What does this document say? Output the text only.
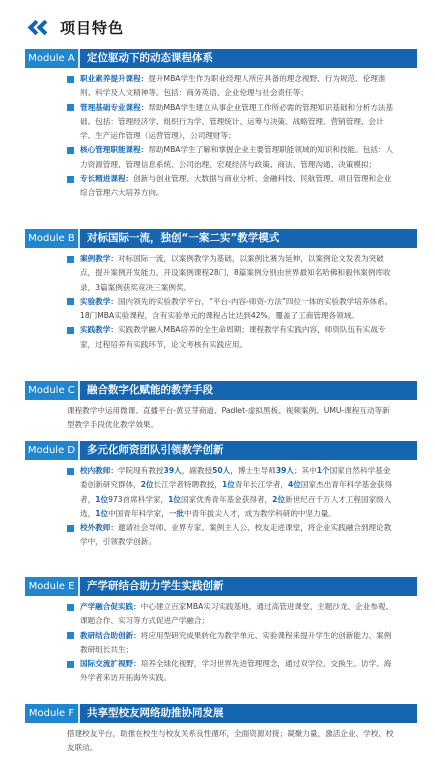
项目特色
Module A	定位驱动下的动态课程体系
职业素养提升课程：提升MBA学生作为职业经理人所应具备的理念视野、行为规范、伦理准则、科学及人文精神等。包括：商务英语、企业伦理与社会责任等；
管理基础专业课程：帮助MBA学生建立从事企业管理工作所必需的管理知识基础和分析方法基础。包括：管理经济学、组织行为学、管理统计、运筹与决策、战略管理、营销管理、会计学、生产运作管理（运营管理），公司理财等；
核心管理职能课程：帮助MBA学生了解和掌握企业主要管理职能领域的知识和技能。包括：人力资源管理、管理信息系统、公司治理、宏观经济与政策、商法、管理沟通、决策模拟；
专长精进课程：创新与创业管理、大数据与商业分析、金融科技、民航管理、项目管理和企业综合管理六大培养方向。
Module B	对标国际一流，独创“一案二实”教学模式
案例教学：对标国际一流，以案例教学为基础，以案例比赛为延伸，以案例论文发表为突破点，提升案例开发能力，开设案例课程28门，8篇案例分别由世界最知名哈佛和毅伟案例库收录，3篇案例获奖竞决三案例奖。
实验教学：国内领先的实验教学平台，“平台-内容-师资-方法”四位一体的实验教学培养体系。18门MBA实验课程，含有实验单元的课程占比达到42%，覆盖了工商管理各领域。
实践教学：实践教学融入MBA培养的全生命周期；课程教学有实践内容，师资队伍有实战专家，过程培养有实践环节，论文考核有实践应用。
Module C	融合数字化赋能的教学手段
课程教学中运用微课、直播平台-黄豆芽商道、Padlet-虚拟黑板、视频案例、UMU-课程互动等新型教学手段优化教学效果。
Module D	多元化师资团队引领教学创新
校内教师：学院现有教授39人，副教授50人，博士生导师39人；其中1个国家自然科学基金委创新研究群体，2位长江学者特聘教授，1位青年长江学者，4位国家杰出青年科学基金获得者，1位973首席科学家，1位国家优秀青年基金获得者，2位新世纪百千万人才工程国家级人选，1位中国青年科学家，一批中青年拔尖人才，成为教学科研的中坚力量。
校外教师：邀请社会导师、业界专家、案例主人公、校友走进课堂，将企业实践融合到理论教学中，引领教学创新。
Module E	产学研结合助力学生实践创新
产学融合促实践：中心建立百家MBA实习实践基地，通过高管进课堂、主题沙龙、企业参观、课题合作、实习等方式促进产学融合；
教研结合助创新：将应用型研究成果转化为教学单元、实验课程来提升学生的创新能力、案例教研组长共生；
国际交流扩视野：培养全球化视野，学习世界先进管理理念，通过双学位、交换生、访学、海外学者来访开拓海外实践。
Module F	共享型校友网络助推协同发展
搭建校友平台，助推在校生与校友关系良性循环，全面资源对接；凝聚力量，激活企业、学校、校友联动。
